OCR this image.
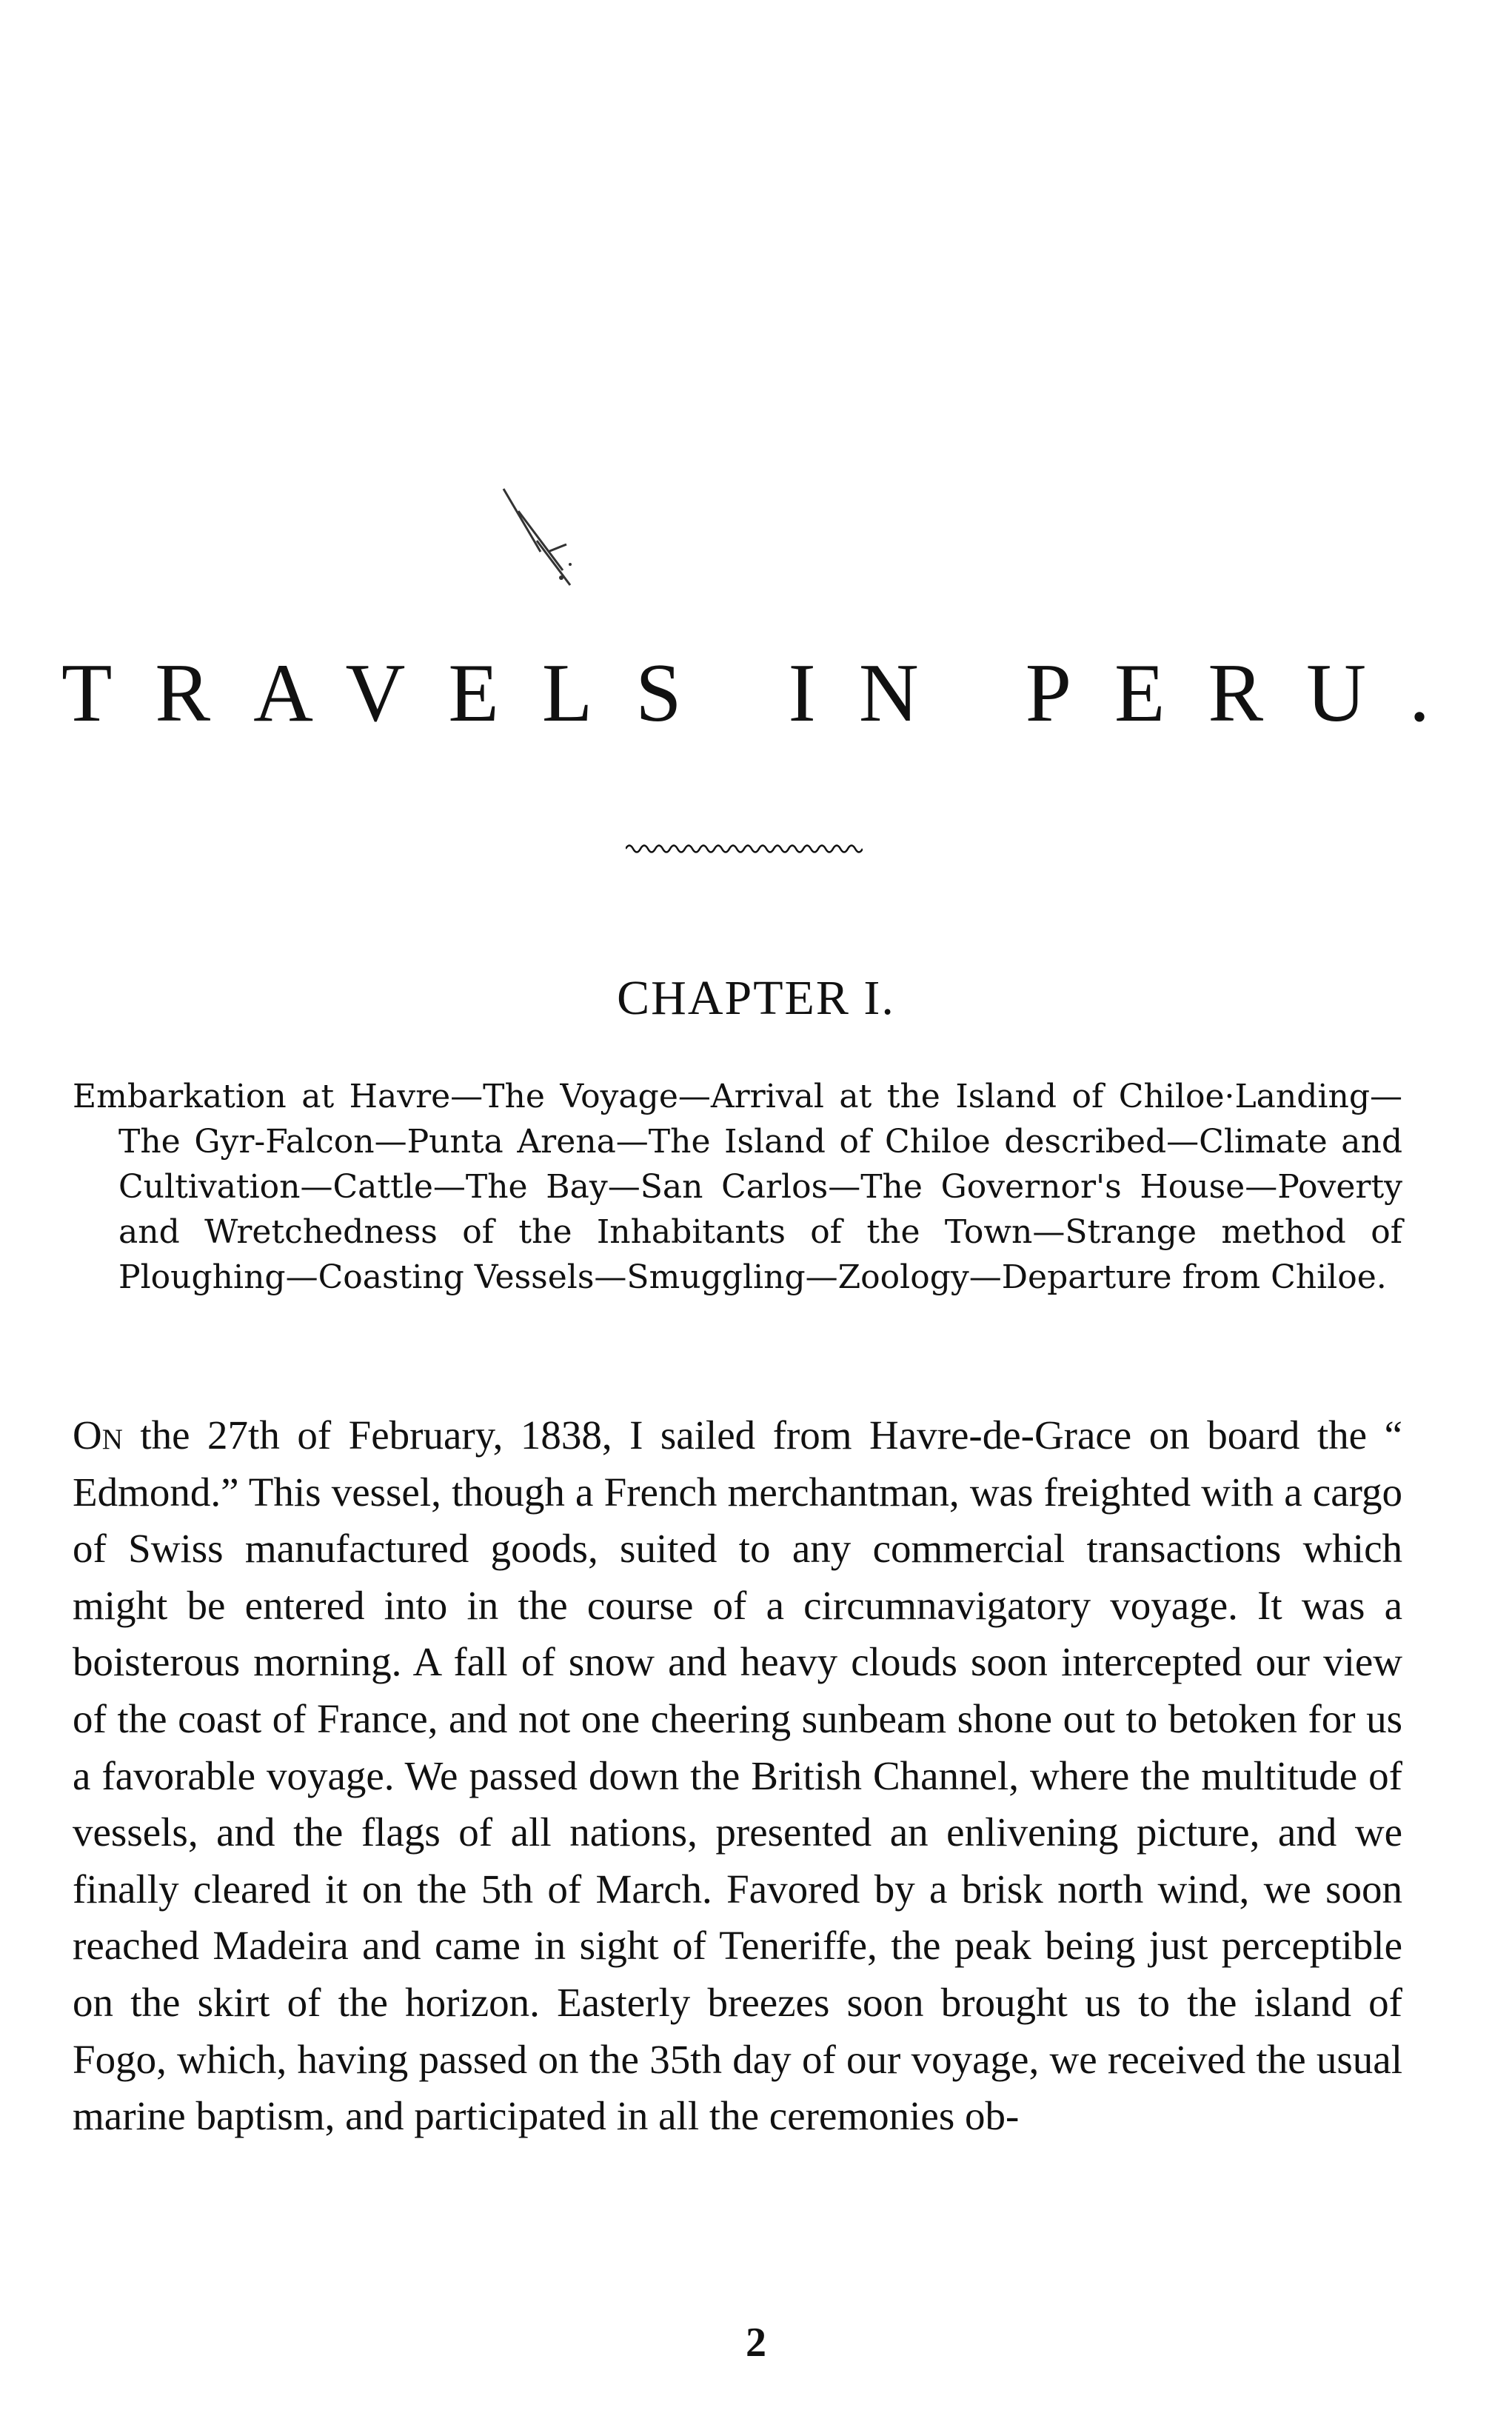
TRAVELS IN PERU.
CHAPTER I.
Embarkation at Havre—The Voyage—Arrival at the Island of Chiloe·Landing—The Gyr-Falcon—Punta Arena—The Island of Chiloe described—Climate and Cultivation—Cattle—The Bay—San Carlos—The Governor's House—Poverty and Wretchedness of the Inhabitants of the Town—Strange method of Ploughing—Coasting Vessels—Smuggling—Zoology—Departure from Chiloe.
On the 27th of February, 1838, I sailed from Havre-de-Grace on board the “ Edmond.” This vessel, though a French merchantman, was freighted with a cargo of Swiss manufactured goods, suited to any commercial transactions which might be entered into in the course of a circumnavigatory voyage. It was a boisterous morning. A fall of snow and heavy clouds soon intercepted our view of the coast of France, and not one cheering sunbeam shone out to betoken for us a favorable voyage. We passed down the British Channel, where the multitude of vessels, and the flags of all nations, presented an enlivening picture, and we finally cleared it on the 5th of March. Favored by a brisk north wind, we soon reached Madeira and came in sight of Teneriffe, the peak being just perceptible on the skirt of the horizon. Easterly breezes soon brought us to the island of Fogo, which, having passed on the 35th day of our voyage, we received the usual marine baptism, and participated in all the ceremonies ob-
2
